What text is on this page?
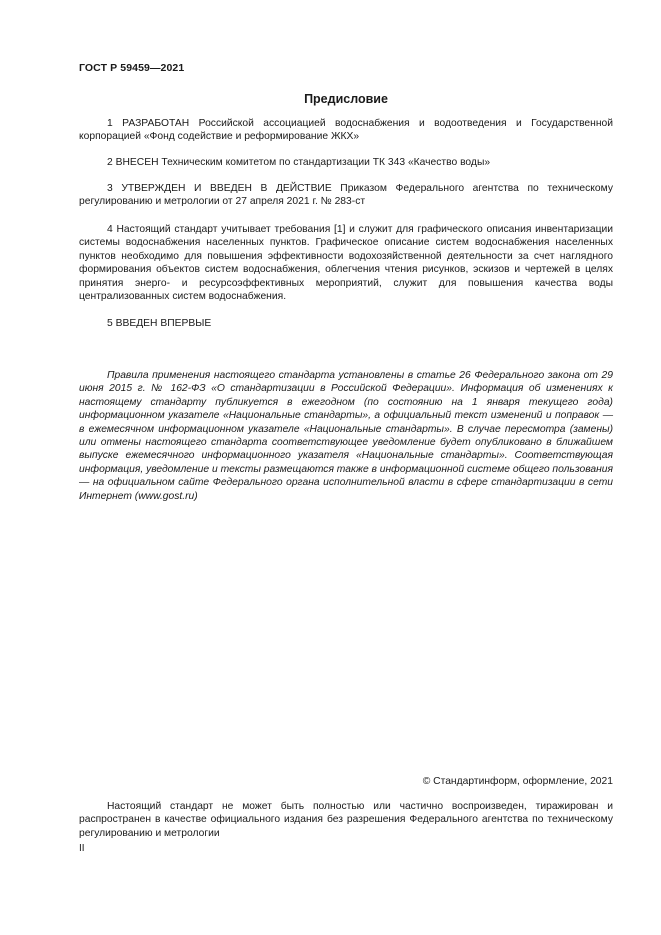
ГОСТ Р 59459—2021
Предисловие

1 РАЗРАБОТАН Российской ассоциацией водоснабжения и водоотведения и Государственной корпорацией «Фонд содействие и реформирование ЖКХ»

2 ВНЕСЕН Техническим комитетом по стандартизации ТК 343 «Качество воды»

3 УТВЕРЖДЕН И ВВЕДЕН В ДЕЙСТВИЕ Приказом Федерального агентства по техническому регулированию и метрологии от 27 апреля 2021 г. № 283-ст

4 Настоящий стандарт учитывает требования [1] и служит для графического описания инвентаризации системы водоснабжения населенных пунктов. Графическое описание систем водоснабжения населенных пунктов необходимо для повышения эффективности водохозяйственной деятельности за счет наглядного формирования объектов систем водоснабжения, облегчения чтения рисунков, эскизов и чертежей в целях принятия энерго- и ресурсоэффективных мероприятий, служит для повышения качества воды централизованных систем водоснабжения.

5 ВВЕДЕН ВПЕРВЫЕ

Правила применения настоящего стандарта установлены в статье 26 Федерального закона от 29 июня 2015 г. № 162-ФЗ «О стандартизации в Российской Федерации». Информация об изменениях к настоящему стандарту публикуется в ежегодном (по состоянию на 1 января текущего года) информационном указателе «Национальные стандарты», а официальный текст изменений и поправок — в ежемесячном информационном указателе «Национальные стандарты». В случае пересмотра (замены) или отмены настоящего стандарта соответствующее уведомление будет опубликовано в ближайшем выпуске ежемесячного информационного указателя «Национальные стандарты». Соответствующая информация, уведомление и тексты размещаются также в информационной системе общего пользования — на официальном сайте Федерального органа исполнительной власти в сфере стандартизации в сети Интернет (www.gost.ru)

© Стандартинформ, оформление, 2021

Настоящий стандарт не может быть полностью или частично воспроизведен, тиражирован и распространен в качестве официального издания без разрешения Федерального агентства по техническому регулированию и метрологии

II
